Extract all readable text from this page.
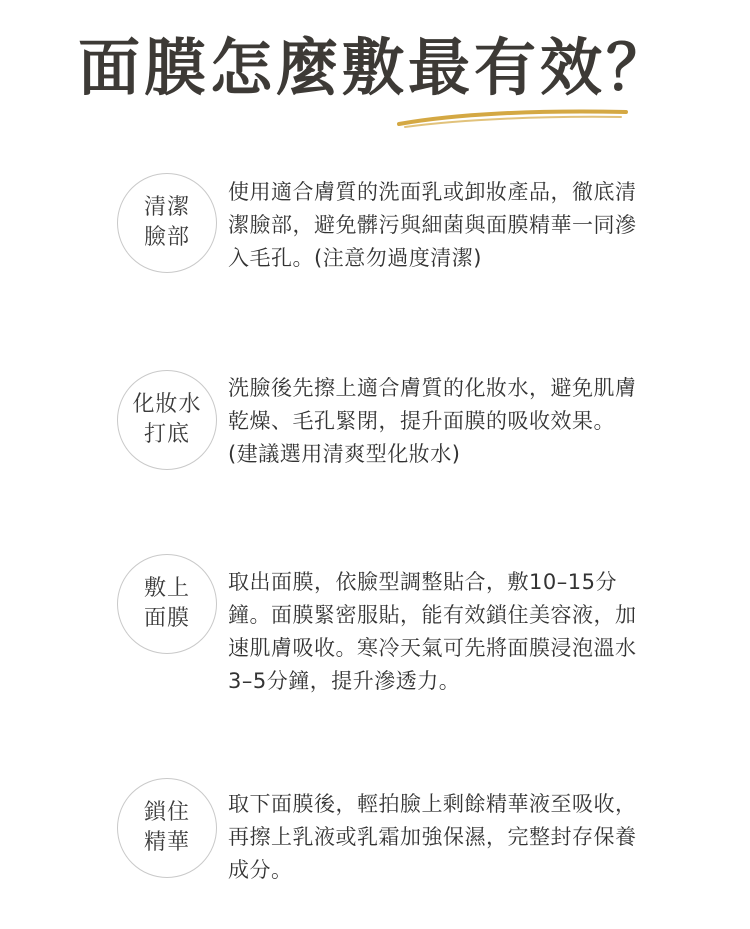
面膜怎麼敷最有效？
清潔
臉部
使用適合膚質的洗面乳或卸妝產品，徹底清潔臉部，避免髒污與細菌與面膜精華一同滲入毛孔。(注意勿過度清潔)
化妝水
打底
洗臉後先擦上適合膚質的化妝水，避免肌膚乾燥、毛孔緊閉，提升面膜的吸收效果。(建議選用清爽型化妝水)
敷上
面膜
取出面膜，依臉型調整貼合，敷10–15分鐘。面膜緊密服貼，能有效鎖住美容液，加速肌膚吸收。寒冷天氣可先將面膜浸泡溫水3–5分鐘，提升滲透力。
鎖住
精華
取下面膜後，輕拍臉上剩餘精華液至吸收，再擦上乳液或乳霜加強保濕，完整封存保養成分。
